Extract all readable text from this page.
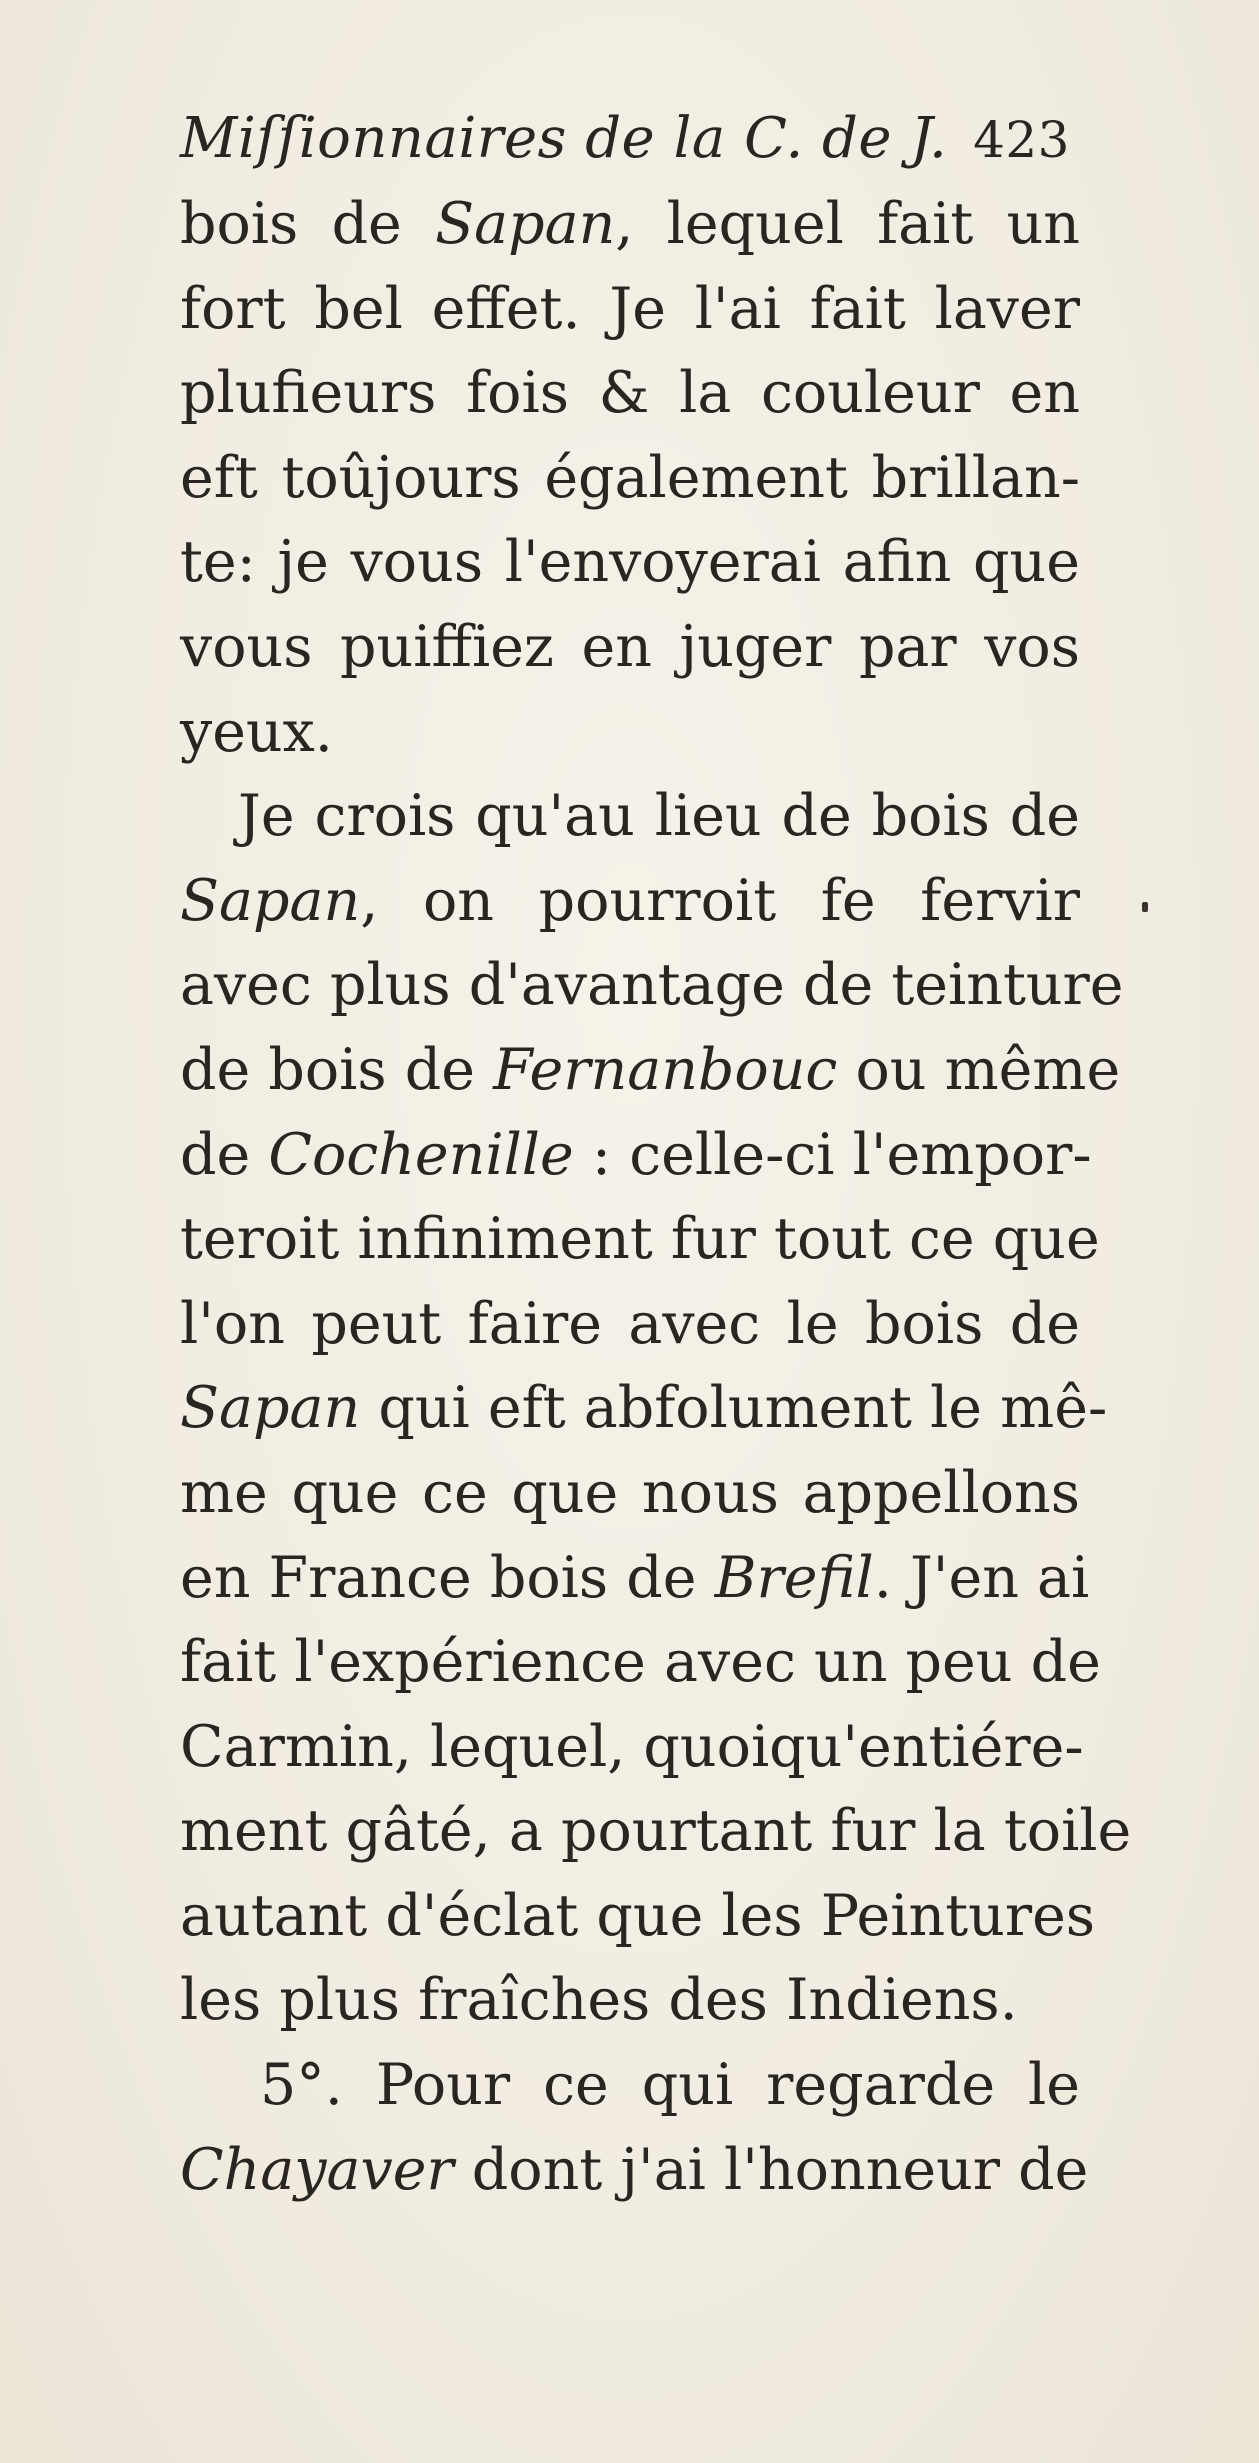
Miſſionnaires de la C. de J. 423
bois de Sapan, lequel fait un
fort bel effet. Je l'ai fait laver
plufieurs fois & la couleur en
eft toûjours également brillan-
te: je vous l'envoyerai afin que
vous puiffiez en juger par vos
yeux.
Je crois qu'au lieu de bois de
Sapan, on pourroit fe fervir
avec plus d'avantage de teinture
de bois de Fernanbouc ou même
de Cochenille : celle-ci l'empor-
teroit infiniment fur tout ce que
l'on peut faire avec le bois de
Sapan qui eft abfolument le mê-
me que ce que nous appellons
en France bois de Brefil. J'en ai
fait l'expérience avec un peu de
Carmin, lequel, quoiqu'entiére-
ment gâté, a pourtant fur la toile
autant d'éclat que les Peintures
les plus fraîches des Indiens.
5°. Pour ce qui regarde le
Chayaver dont j'ai l'honneur de
